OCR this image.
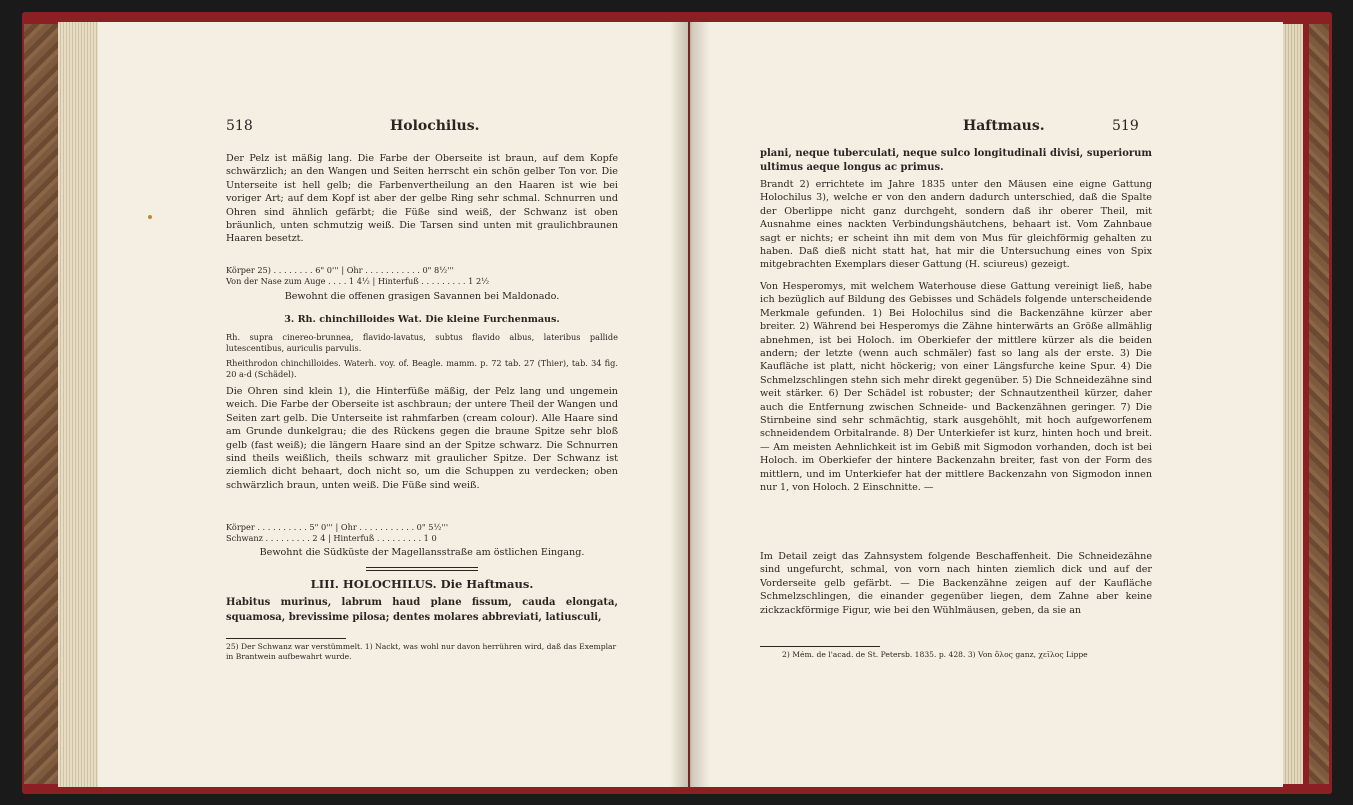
518	Holochilus.

Der Pelz ist mäßig lang. Die Farbe der Oberseite ist braun, auf dem Kopfe schwärzlich; an den Wangen und Seiten herrscht ein schön gelber Ton vor. Die Unterseite ist hell gelb; die Farbenvertheilung an den Haaren ist wie bei voriger Art; auf dem Kopf ist aber der gelbe Ring sehr schmal. Schnurren und Ohren sind ähnlich gefärbt; die Füße sind weiß, der Schwanz ist oben bräunlich, unten schmutzig weiß. Die Tarsen sind unten mit graulichbraunen Haaren besetzt.

Körper 25) . . . . . . . . 6" 0''' | Ohr . . . . . . . . . . . 0" 8½'''

Von der Nase zum Auge . . . . 1 4½ | Hinterfuß . . . . . . . . . 1 2½

Bewohnt die offenen grasigen Savannen bei Maldonado.

3. Rh. chinchilloides Wat. Die kleine Furchenmaus.

Rh. supra cinereo-brunnea, flavido-lavatus, subtus flavido albus, lateribus pallide lutescentibus, auriculis parvulis.

Rheithrodon chinchilloides. Waterh. voy. of. Beagle. mamm. p. 72 tab. 27 (Thier), tab. 34 fig. 20 a-d (Schädel).

Die Ohren sind klein 1), die Hinterfüße mäßig, der Pelz lang und ungemein weich. Die Farbe der Oberseite ist aschbraun; der untere Theil der Wangen und Seiten zart gelb. Die Unterseite ist rahmfarben (cream colour). Alle Haare sind am Grunde dunkelgrau; die des Rückens gegen die braune Spitze sehr bloß gelb (fast weiß); die längern Haare sind an der Spitze schwarz. Die Schnurren sind theils weißlich, theils schwarz mit graulicher Spitze. Der Schwanz ist ziemlich dicht behaart, doch nicht so, um die Schuppen zu verdecken; oben schwärzlich braun, unten weiß. Die Füße sind weiß.

Körper . . . . . . . . . . 5" 0''' | Ohr . . . . . . . . . . . 0" 5½'''

Schwanz . . . . . . . . . 2 4 | Hinterfuß . . . . . . . . . 1 0

Bewohnt die Südküste der Magellansstraße am östlichen Eingang.

LIII. HOLOCHILUS. Die Haftmaus.

Habitus murinus, labrum haud plane fissum, cauda elongata, squamosa, brevissime pilosa; dentes molares abbreviati, latiusculi,

25) Der Schwanz war verstümmelt. 1) Nackt, was wohl nur davon herrühren wird, daß das Exemplar in Brantwein aufbewahrt wurde.

Haftmaus.	519

plani, neque tuberculati, neque sulco longitudinali divisi, superiorum ultimus aeque longus ac primus.

Brandt 2) errichtete im Jahre 1835 unter den Mäusen eine eigne Gattung Holochilus 3), welche er von den andern dadurch unterschied, daß die Spalte der Oberlippe nicht ganz durchgeht, sondern daß ihr oberer Theil, mit Ausnahme eines nackten Verbindungshäutchens, behaart ist. Vom Zahnbaue sagt er nichts; er scheint ihn mit dem von Mus für gleichförmig gehalten zu haben. Daß dieß nicht statt hat, hat mir die Untersuchung eines von Spix mitgebrachten Exemplars dieser Gattung (H. sciureus) gezeigt.

Von Hesperomys, mit welchem Waterhouse diese Gattung vereinigt ließ, habe ich bezüglich auf Bildung des Gebisses und Schädels folgende unterscheidende Merkmale gefunden. 1) Bei Holochilus sind die Backenzähne kürzer aber breiter. 2) Während bei Hesperomys die Zähne hinterwärts an Größe allmählig abnehmen, ist bei Holoch. im Oberkiefer der mittlere kürzer als die beiden andern; der letzte (wenn auch schmäler) fast so lang als der erste. 3) Die Kaufläche ist platt, nicht höckerig; von einer Längsfurche keine Spur. 4) Die Schmelzschlingen stehn sich mehr direkt gegenüber. 5) Die Schneidezähne sind weit stärker. 6) Der Schädel ist robuster; der Schnautzentheil kürzer, daher auch die Entfernung zwischen Schneide- und Backenzähnen geringer. 7) Die Stirnbeine sind sehr schmächtig, stark ausgehöhlt, mit hoch aufgeworfenem schneidendem Orbitalrande. 8) Der Unterkiefer ist kurz, hinten hoch und breit. — Am meisten Aehnlichkeit ist im Gebiß mit Sigmodon vorhanden, doch ist bei Holoch. im Oberkiefer der hintere Backenzahn breiter, fast von der Form des mittlern, und im Unterkiefer hat der mittlere Backenzahn von Sigmodon innen nur 1, von Holoch. 2 Einschnitte. —

Im Detail zeigt das Zahnsystem folgende Beschaffenheit. Die Schneidezähne sind ungefurcht, schmal, von vorn nach hinten ziemlich dick und auf der Vorderseite gelb gefärbt. — Die Backenzähne zeigen auf der Kaufläche Schmelzschlingen, die einander gegenüber liegen, dem Zahne aber keine zickzackförmige Figur, wie bei den Wühlmäusen, geben, da sie an

2) Mém. de l'acad. de St. Petersb. 1835. p. 428. 3) Von ὅλος ganz, χεῖλος Lippe
